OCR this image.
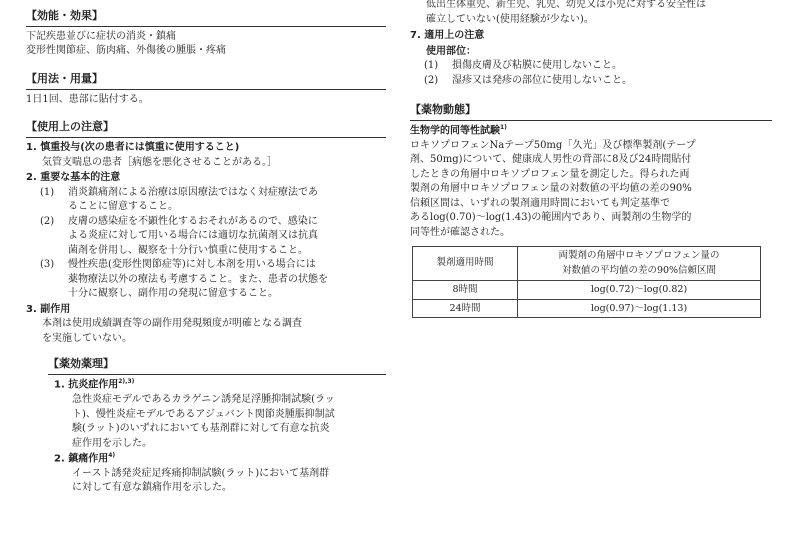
【効能・効果】
下記疾患並びに症状の消炎・鎮痛
変形性関節症、筋肉痛、外傷後の腫脹・疼痛
【用法・用量】
1日1回、患部に貼付する。
【使用上の注意】
1. 慎重投与(次の患者には慎重に使用すること)
気管支喘息の患者［病態を悪化させることがある。］
2. 重要な基本的注意
(1)	消炎鎮痛剤による治療は原因療法ではなく対症療法であ
ることに留意すること。
(2)	皮膚の感染症を不顕性化するおそれがあるので、感染に
よる炎症に対して用いる場合には適切な抗菌剤又は抗真
菌剤を併用し、観察を十分行い慎重に使用すること。
(3)	慢性疾患(変形性関節症等)に対し本剤を用いる場合には
薬物療法以外の療法も考慮すること。また、患者の状態を
十分に観察し、副作用の発現に留意すること。
3. 副作用
本剤は使用成績調査等の副作用発現頻度が明確となる調査
を実施していない。
【薬効薬理】
1. 抗炎症作用$^{2),3)}$
急性炎症モデルであるカラゲニン誘発足浮腫抑制試験(ラッ
ト)、慢性炎症モデルであるアジュバント関節炎腫脹抑制試
験(ラット)のいずれにおいても基剤群に対して有意な抗炎
症作用を示した。
2. 鎮痛作用$^{4)}$
イースト誘発炎症足疼痛抑制試験(ラット)において基剤群
に対して有意な鎮痛作用を示した。
低出生体重児、新生児、乳児、幼児又は小児に対する安全性は
確立していない(使用経験が少ない)。
7. 適用上の注意
使用部位：
(1)	損傷皮膚及び粘膜に使用しないこと。
(2)	湿疹又は発疹の部位に使用しないこと。
【薬物動態】
生物学的同等性試験$^{1)}$
ロキソプロフェンNaテープ50mg「久光」及び標準製剤(テープ
剤、50mg)について、健康成人男性の背部に8及び24時間貼付
したときの角層中ロキソプロフェン量を測定した。得られた両
製剤の角層中ロキソプロフェン量の対数値の平均値の差の90%
信頼区間は、いずれの製剤適用時間においても判定基準で
あるlog(0.70)～log(1.43)の範囲内であり、両製剤の生物学的
同等性が確認された。
製剤適用時間	両製剤の角層中ロキソプロフェン量の
対数値の平均値の差の90%信頼区間

8時間	log(0.72)～log(0.82)
24時間	log(0.97)～log(1.13)
